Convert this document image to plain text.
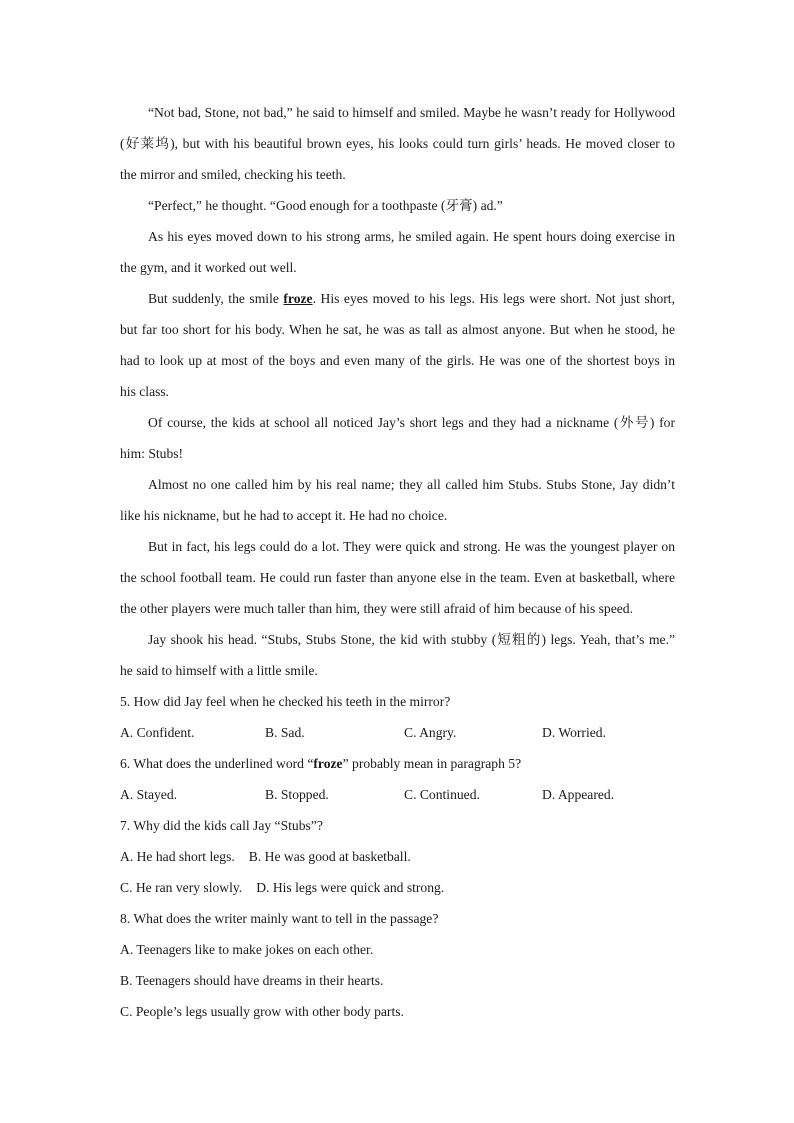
“Not bad, Stone, not bad,” he said to himself and smiled. Maybe he wasn’t ready for Hollywood
(好莱坞), but with his beautiful brown eyes, his looks could turn girls’ heads. He moved closer to
the mirror and smiled, checking his teeth.
“Perfect,” he thought. “Good enough for a toothpaste (牙膏) ad.”
As his eyes moved down to his strong arms, he smiled again. He spent hours doing exercise in
the gym, and it worked out well.
But suddenly, the smile froze. His eyes moved to his legs. His legs were short. Not just short,
but far too short for his body. When he sat, he was as tall as almost anyone. But when he stood, he
had to look up at most of the boys and even many of the girls. He was one of the shortest boys in
his class.
Of course, the kids at school all noticed Jay’s short legs and they had a nickname (外号) for
him: Stubs!
Almost no one called him by his real name; they all called him Stubs. Stubs Stone, Jay didn’t
like his nickname, but he had to accept it. He had no choice.
But in fact, his legs could do a lot. They were quick and strong. He was the youngest player on
the school football team. He could run faster than anyone else in the team. Even at basketball, where
the other players were much taller than him, they were still afraid of him because of his speed.
Jay shook his head. “Stubs, Stubs Stone, the kid with stubby (短粗的) legs. Yeah, that’s me.”
he said to himself with a little smile.
5. How did Jay feel when he checked his teeth in the mirror?
A. Confident.	B. Sad.	C. Angry.	D. Worried.
6. What does the underlined word “froze” probably mean in paragraph 5?
A. Stayed.	B. Stopped.	C. Continued.	D. Appeared.
7. Why did the kids call Jay “Stubs”?
A. He had short legs. B. He was good at basketball.
C. He ran very slowly. D. His legs were quick and strong.
8. What does the writer mainly want to tell in the passage?
A. Teenagers like to make jokes on each other.
B. Teenagers should have dreams in their hearts.
C. People’s legs usually grow with other body parts.
